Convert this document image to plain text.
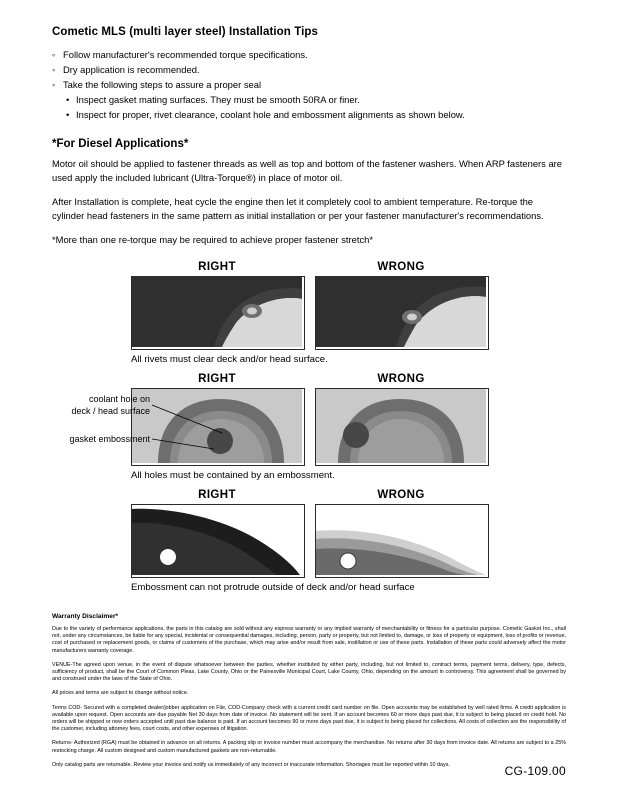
Cometic MLS (multi layer steel) Installation Tips
◦ Follow manufacturer's recommended torque specifications.
◦ Dry application is recommended.
◦ Take the following steps to assure a proper seal
• Inspect gasket mating surfaces. They must be smooth 50RA or finer.
• Inspect for proper, rivet clearance, coolant hole and embossment alignments as shown below.
*For Diesel Applications*

Motor oil should be applied to fastener threads as well as top and bottom of the fastener washers. When ARP fasteners are used apply the included lubricant (Ultra-Torque®) in place of motor oil.

After Installation is complete, heat cycle the engine then let it completely cool to ambient temperature. Re-torque the cylinder head fasteners in the same pattern as initial installation or per your fastener manufacturer's recommendations.

*More than one re-torque may be required to achieve proper fastener stretch*

RIGHT	WRONG

All rivets must clear deck and/or head surface.

RIGHT	WRONG
coolant hole on
deck / head surface
gasket embossment

All holes must be contained by an embossment.

RIGHT	WRONG

Embossment can not protrude outside of deck and/or head surface

Warranty Disclaimer*

Due to the variety of performance applications, the parts in this catalog are sold without any express warranty or any implied warranty of merchantability or fitness for a particular purpose. Cometic Gasket Inc., shall not, under any circumstances, be liable for any special, incidental or consequential damages, including, person, party or property, but not limited to, damage, or loss of property or equipment, loss of profits or revenue, cost of purchased or replacement goods, or claims of customers of the purchase, which may arise and/or result from sale, instillation or use of these parts. Installation of these parts could adversely affect the motor manufacturers warranty coverage.

VENUE-The agreed upon venue, in the event of dispute whatsoever between the parties, whether instituted by either party, including, but not limited to, contract terms, payment terms, delivery, type, defects, sufficiency of product, shall be the Court of Common Pleas, Lake County, Ohio or the Painesville Municipal Court, Lake County, Ohio, depending on the amount in controversy. This agreement shall be governed by and construed under the laws of the State of Ohio.

All prices and terms are subject to change without notice.

Terms COD- Secured with a completed dealer/jobber application on File, COD-Company check with a current credit card number on file. Open accounts may be established by well rated firms. A credit application is available upon request. Open accounts are due payable Net 30 days from date of invoice. No statement will be sent. If an account becomes 60 or more days past due, it is subject to being placed on credit hold. No orders will be shipped or new orders accepted until past due balance is paid. If an account becomes 90 or more days past due, it is subject to being placed for collections. All costs of collection are the responsibility of the customer, including attorney fees, court costs, and other expenses of litigation.

Returns- Authorized (RGA) must be obtained in advance on all returns. A packing slip or invoice number must accompany the merchandise. No returns after 30 days from invoice date. All returns are subject to a 25% restocking charge. All custom designed and custom manufactured gaskets are non-returnable.

Only catalog parts are returnable. Review your invoice and notify us immediately of any incorrect or inaccurate information. Shortages must be reported within 10 days.	CG-109.00
